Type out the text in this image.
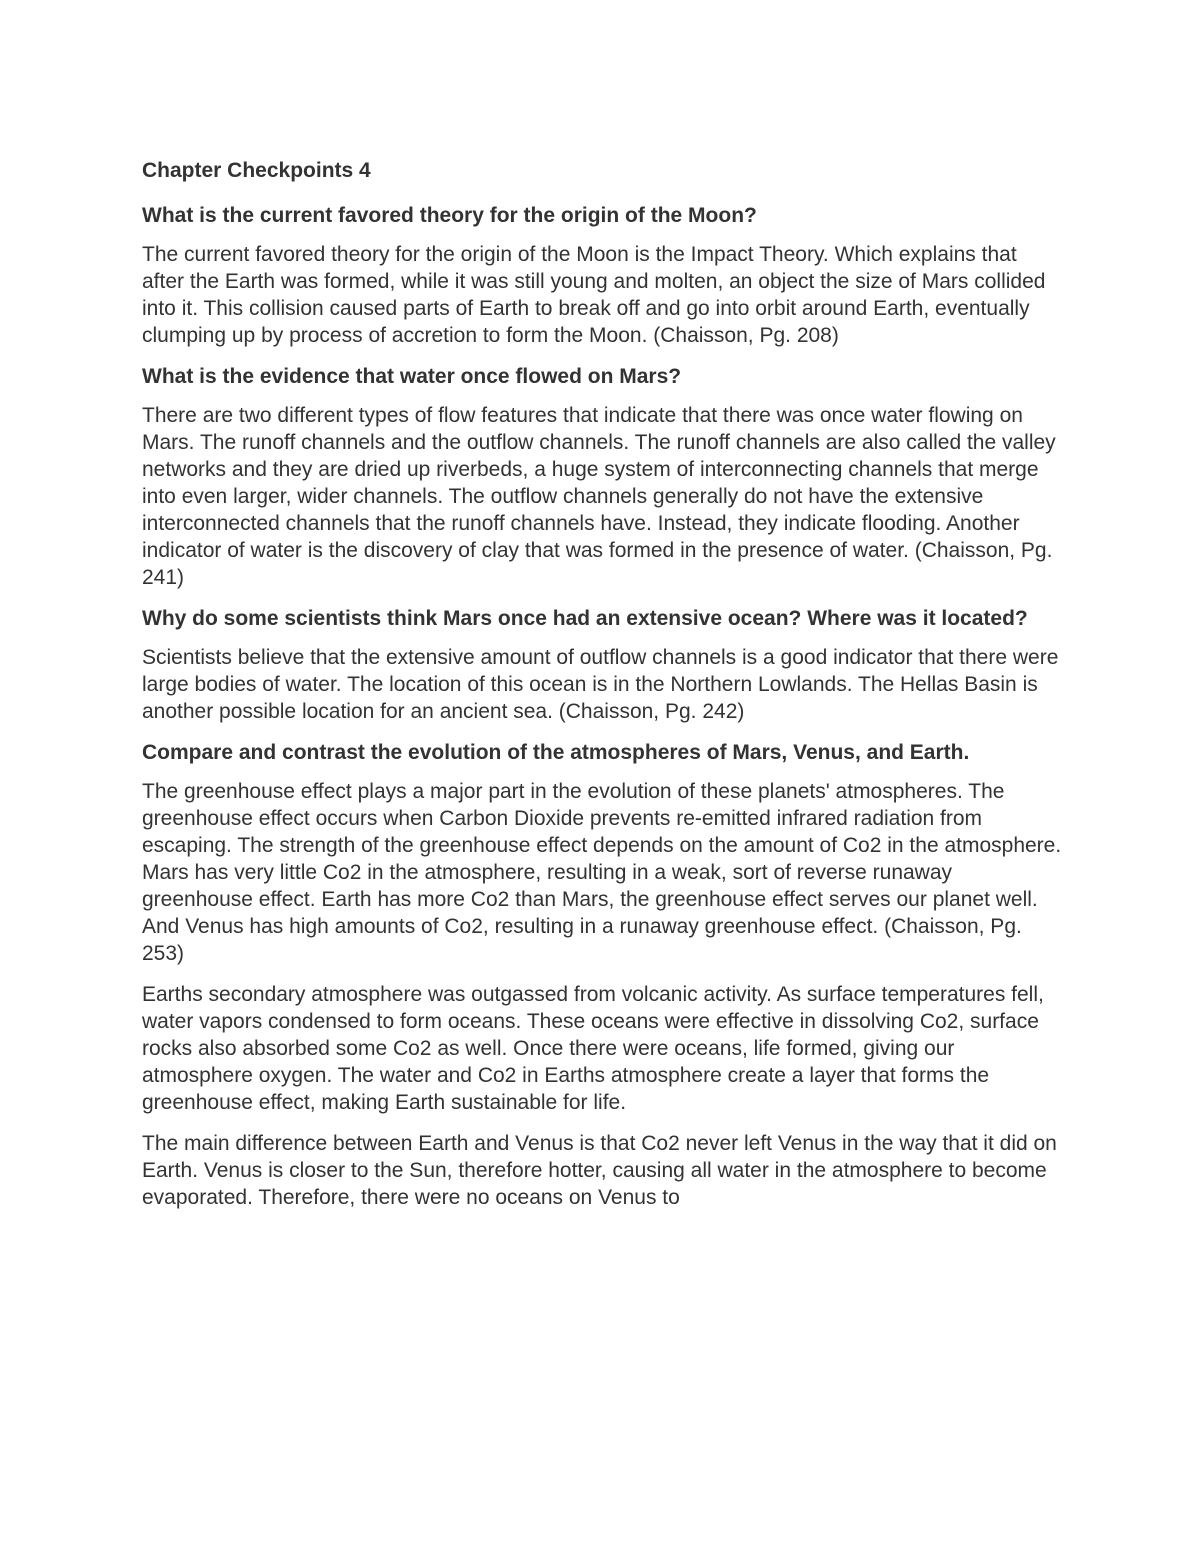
Chapter Checkpoints 4
What is the current favored theory for the origin of the Moon?

The current favored theory for the origin of the Moon is the Impact Theory. Which explains that after the Earth was formed, while it was still young and molten, an object the size of Mars collided into it. This collision caused parts of Earth to break off and go into orbit around Earth, eventually clumping up by process of accretion to form the Moon. (Chaisson, Pg. 208)

What is the evidence that water once flowed on Mars?

There are two different types of flow features that indicate that there was once water flowing on Mars. The runoff channels and the outflow channels. The runoff channels are also called the valley networks and they are dried up riverbeds, a huge system of interconnecting channels that merge into even larger, wider channels. The outflow channels generally do not have the extensive interconnected channels that the runoff channels have. Instead, they indicate flooding. Another indicator of water is the discovery of clay that was formed in the presence of water. (Chaisson, Pg. 241)

Why do some scientists think Mars once had an extensive ocean? Where was it located?

Scientists believe that the extensive amount of outflow channels is a good indicator that there were large bodies of water. The location of this ocean is in the Northern Lowlands. The Hellas Basin is another possible location for an ancient sea. (Chaisson, Pg. 242)

Compare and contrast the evolution of the atmospheres of Mars, Venus, and Earth.

The greenhouse effect plays a major part in the evolution of these planets' atmospheres. The greenhouse effect occurs when Carbon Dioxide prevents re-emitted infrared radiation from escaping. The strength of the greenhouse effect depends on the amount of Co2 in the atmosphere. Mars has very little Co2 in the atmosphere, resulting in a weak, sort of reverse runaway greenhouse effect. Earth has more Co2 than Mars, the greenhouse effect serves our planet well. And Venus has high amounts of Co2, resulting in a runaway greenhouse effect. (Chaisson, Pg. 253)

Earths secondary atmosphere was outgassed from volcanic activity. As surface temperatures fell, water vapors condensed to form oceans. These oceans were effective in dissolving Co2, surface rocks also absorbed some Co2 as well. Once there were oceans, life formed, giving our atmosphere oxygen. The water and Co2 in Earths atmosphere create a layer that forms the greenhouse effect, making Earth sustainable for life.

The main difference between Earth and Venus is that Co2 never left Venus in the way that it did on Earth. Venus is closer to the Sun, therefore hotter, causing all water in the atmosphere to become evaporated. Therefore, there were no oceans on Venus to
